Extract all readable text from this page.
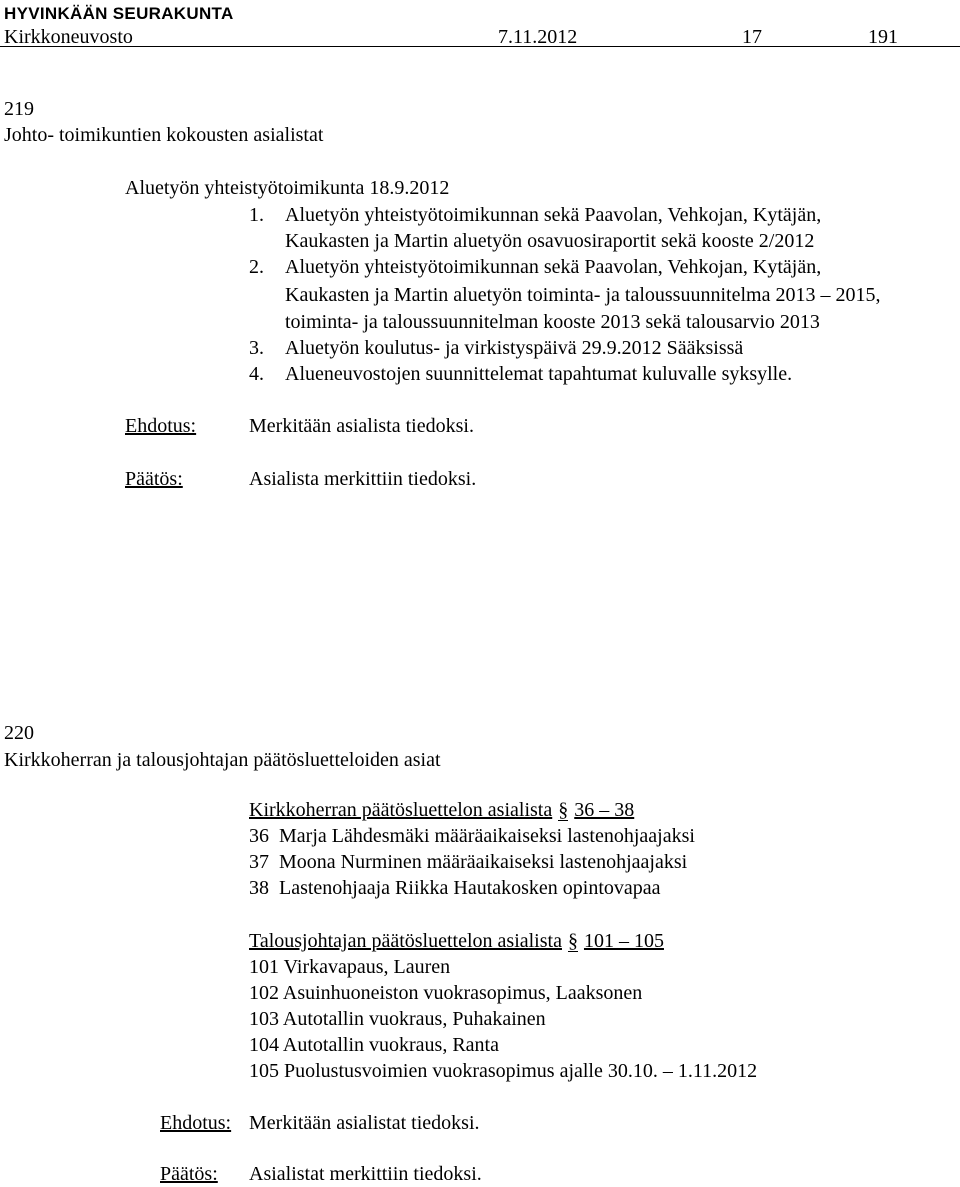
HYVINKÄÄN SEURAKUNTA
Kirkkoneuvosto	7.11.2012	17	191
219
Johto- toimikuntien kokousten asialistat
Aluetyön yhteistyötoimikunta 18.9.2012
1. Aluetyön yhteistyötoimikunnan sekä Paavolan, Vehkojan, Kytäjän,
Kaukasten ja Martin aluetyön osavuosiraportit sekä kooste 2/2012
2. Aluetyön yhteistyötoimikunnan sekä Paavolan, Vehkojan, Kytäjän,
Kaukasten ja Martin aluetyön toiminta- ja taloussuunnitelma 2013 – 2015,
toiminta- ja taloussuunnitelman kooste 2013 sekä talousarvio 2013
3. Aluetyön koulutus- ja virkistyspäivä 29.9.2012 Sääksissä
4. Alueneuvostojen suunnittelemat tapahtumat kuluvalle syksylle.
Ehdotus:	Merkitään asialista tiedoksi.
Päätös:	Asialista merkittiin tiedoksi.
220
Kirkkoherran ja talousjohtajan päätösluetteloiden asiat
Kirkkoherran päätösluettelon asialista § 36 – 38
36  Marja Lähdesmäki määräaikaiseksi lastenohjaajaksi
37  Moona Nurminen määräaikaiseksi lastenohjaajaksi
38  Lastenohjaaja Riikka Hautakosken opintovapaa
Talousjohtajan päätösluettelon asialista § 101 – 105
101 Virkavapaus, Lauren
102 Asuinhuoneiston vuokrasopimus, Laaksonen
103 Autotallin vuokraus, Puhakainen
104 Autotallin vuokraus, Ranta
105 Puolustusvoimien vuokrasopimus ajalle 30.10. – 1.11.2012
Ehdotus: Merkitään asialistat tiedoksi.
Päätös: Asialistat merkittiin tiedoksi.
